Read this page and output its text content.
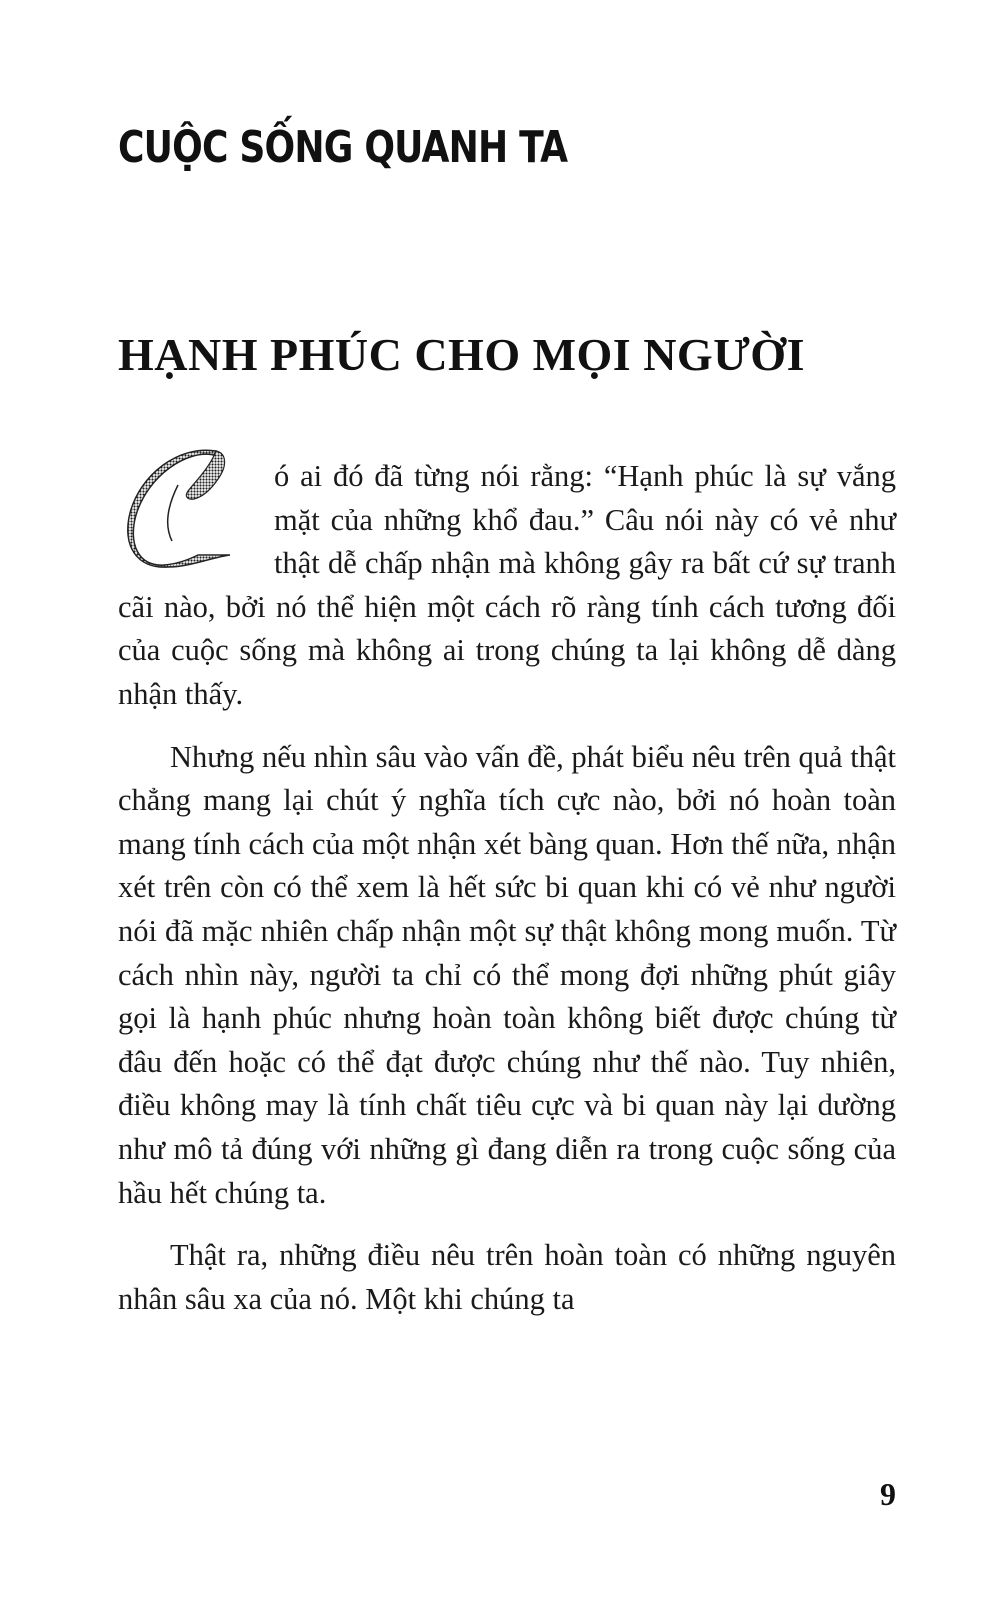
CUỘC SỐNG QUANH TA
HẠNH PHÚC CHO MỌI NGƯỜI

ó ai đó đã từng nói rằng: “Hạnh phúc là sự vắng mặt của những khổ đau.” Câu nói này có vẻ như thật dễ chấp nhận mà không gây ra bất cứ sự tranh cãi nào, bởi nó thể hiện một cách rõ ràng tính cách tương đối của cuộc sống mà không ai trong chúng ta lại không dễ dàng nhận thấy.

Nhưng nếu nhìn sâu vào vấn đề, phát biểu nêu trên quả thật chẳng mang lại chút ý nghĩa tích cực nào, bởi nó hoàn toàn mang tính cách của một nhận xét bàng quan. Hơn thế nữa, nhận xét trên còn có thể xem là hết sức bi quan khi có vẻ như người nói đã mặc nhiên chấp nhận một sự thật không mong muốn. Từ cách nhìn này, người ta chỉ có thể mong đợi những phút giây gọi là hạnh phúc nhưng hoàn toàn không biết được chúng từ đâu đến hoặc có thể đạt được chúng như thế nào. Tuy nhiên, điều không may là tính chất tiêu cực và bi quan này lại dường như mô tả đúng với những gì đang diễn ra trong cuộc sống của hầu hết chúng ta.

Thật ra, những điều nêu trên hoàn toàn có những nguyên nhân sâu xa của nó. Một khi chúng ta

9
